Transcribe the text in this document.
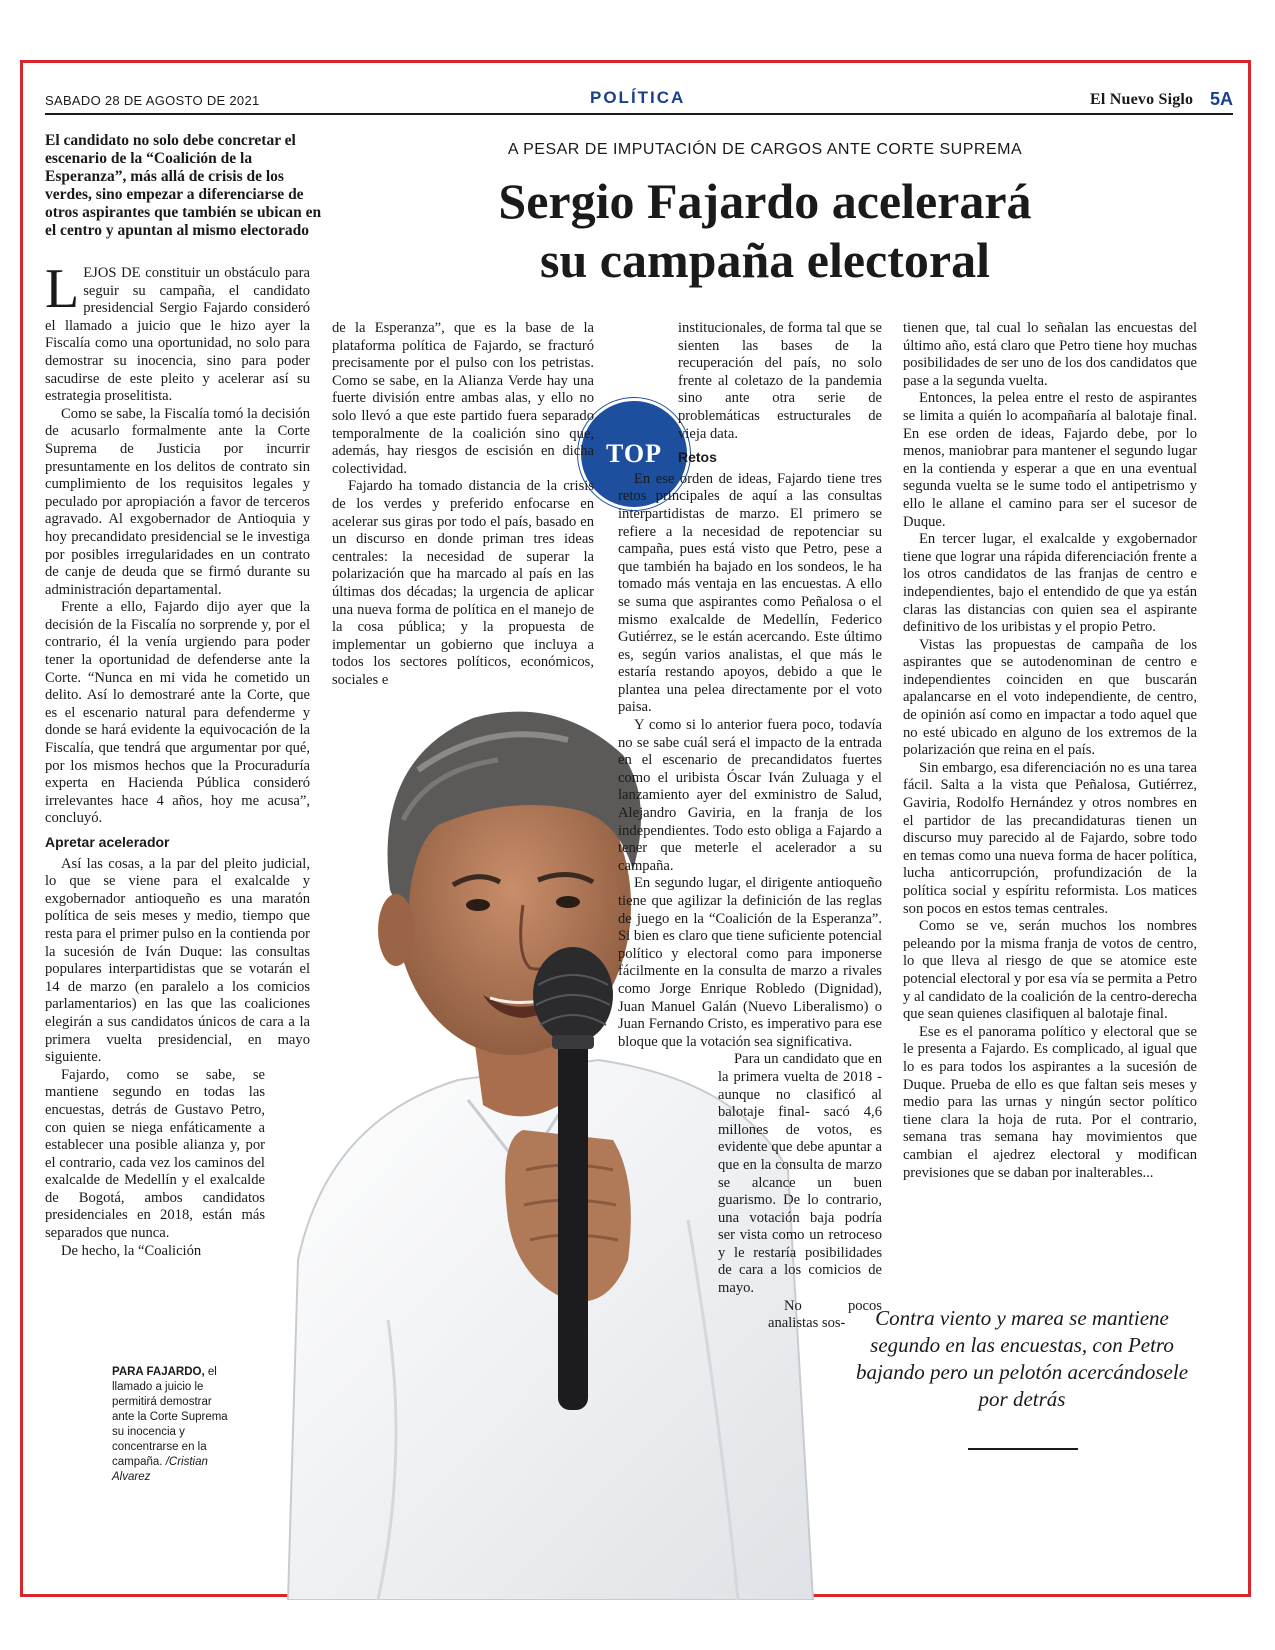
SABADO 28 DE AGOSTO DE 2021	POLÍTICA	El Nuevo Siglo 5A
El candidato no solo debe concretar el escenario de la “Coalición de la Esperanza”, más allá de crisis de los verdes, sino empezar a diferenciarse de otros aspirantes que también se ubican en el centro y apuntan al mismo electorado
A PESAR DE IMPUTACIÓN DE CARGOS ANTE CORTE SUPREMA
Sergio Fajardo acelerará
su campaña electoral
TOP

LEJOS DE constituir un obstáculo para seguir su campaña, el candidato presidencial Sergio Fajardo consideró el llamado a juicio que le hizo ayer la Fiscalía como una oportunidad, no solo para demostrar su inocencia, sino para poder sacudirse de este pleito y acelerar así su estrategia proselitista.

Como se sabe, la Fiscalía tomó la decisión de acusarlo formalmente ante la Corte Suprema de Justicia por incurrir presuntamente en los delitos de contrato sin cumplimiento de los requisitos legales y peculado por apropiación a favor de terceros agravado. Al exgobernador de Antioquia y hoy precandidato presidencial se le investiga por posibles irregularidades en un contrato de canje de deuda que se firmó durante su administración departamental.

Frente a ello, Fajardo dijo ayer que la decisión de la Fiscalía no sorprende y, por el contrario, él la venía urgiendo para poder tener la oportunidad de defenderse ante la Corte. “Nunca en mi vida he cometido un delito. Así lo demostraré ante la Corte, que es el escenario natural para defenderme y donde se hará evidente la equivocación de la Fiscalía, que tendrá que argumentar por qué, por los mismos hechos que la Procuraduría experta en Hacienda Pública consideró irrelevantes hace 4 años, hoy me acusa”, concluyó.

Apretar acelerador

Así las cosas, a la par del pleito judicial, lo que se viene para el exalcalde y exgobernador antioqueño es una maratón política de seis meses y medio, tiempo que resta para el primer pulso en la contienda por la sucesión de Iván Duque: las consultas populares interpartidistas que se votarán el 14 de marzo (en paralelo a los comicios parlamentarios) en las que las coaliciones elegirán a sus candidatos únicos de cara a la primera vuelta presidencial, en mayo siguiente.

Fajardo, como se sabe, se mantiene segundo en todas las encuestas, detrás de Gustavo Petro, con quien se niega enfáticamente a establecer una posible alianza y, por el contrario, cada vez los caminos del exalcalde de Medellín y el exalcalde de Bogotá, ambos candidatos presidenciales en 2018, están más separados que nunca.

De hecho, la “Coalición

de la Esperanza”, que es la base de la plataforma política de Fajardo, se fracturó precisamente por el pulso con los petristas. Como se sabe, en la Alianza Verde hay una fuerte división entre ambas alas, y ello no solo llevó a que este partido fuera separado temporalmente de la coalición sino que, además, hay riesgos de escisión en dicha colectividad.

Fajardo ha tomado distancia de la crisis de los verdes y preferido enfocarse en acelerar sus giras por todo el país, basado en un discurso en donde priman tres ideas centrales: la necesidad de superar la polarización que ha marcado al país en las últimas dos décadas; la urgencia de aplicar una nueva forma de política en el manejo de la cosa pública; y la propuesta de implementar un gobierno que incluya a todos los sectores políticos, económicos, sociales e

institucionales, de forma tal que se sienten las bases de la recuperación del país, no solo frente al coletazo de la pandemia sino ante otra serie de problemáticas estructurales de vieja data.

Retos

En ese orden de ideas, Fajardo tiene tres retos principales de aquí a las consultas interpartidistas de marzo. El primero se refiere a la necesidad de repotenciar su campaña, pues está visto que Petro, pese a que también ha bajado en los sondeos, le ha tomado más ventaja en las encuestas. A ello se suma que aspirantes como Peñalosa o el mismo exalcalde de Medellín, Federico Gutiérrez, se le están acercando. Este último es, según varios analistas, el que más le estaría restando apoyos, debido a que le plantea una pelea directamente por el voto paisa.

Y como si lo anterior fuera poco, todavía no se sabe cuál será el impacto de la entrada en el escenario de precandidatos fuertes como el uribista Óscar Iván Zuluaga y el lanzamiento ayer del exministro de Salud, Alejandro Gaviria, en la franja de los independientes. Todo esto obliga a Fajardo a tener que meterle el acelerador a su campaña.

En segundo lugar, el dirigente antioqueño tiene que agilizar la definición de las reglas de juego en la “Coalición de la Esperanza”. Si bien es claro que tiene suficiente potencial político y electoral como para imponerse fácilmente en la consulta de marzo a rivales como Jorge Enrique Robledo (Dignidad), Juan Manuel Galán (Nuevo Liberalismo) o Juan Fernando Cristo, es imperativo para ese bloque que la votación sea significativa.

Para un candidato que en la primera vuelta de 2018 -aunque no clasificó al balotaje final- sacó 4,6 millones de votos, es evidente que debe apuntar a que en la consulta de marzo se alcance un buen guarismo. De lo contrario, una votación baja podría ser vista como un retroceso y le restaría posibilidades de cara a los comicios de mayo.

No pocos analistas sos-

tienen que, tal cual lo señalan las encuestas del último año, está claro que Petro tiene hoy muchas posibilidades de ser uno de los dos candidatos que pase a la segunda vuelta.

Entonces, la pelea entre el resto de aspirantes se limita a quién lo acompañaría al balotaje final. En ese orden de ideas, Fajardo debe, por lo menos, maniobrar para mantener el segundo lugar en la contienda y esperar a que en una eventual segunda vuelta se le sume todo el antipetrismo y ello le allane el camino para ser el sucesor de Duque.

En tercer lugar, el exalcalde y exgobernador tiene que lograr una rápida diferenciación frente a los otros candidatos de las franjas de centro e independientes, bajo el entendido de que ya están claras las distancias con quien sea el aspirante definitivo de los uribistas y el propio Petro.

Vistas las propuestas de campaña de los aspirantes que se autodenominan de centro e independientes coinciden en que buscarán apalancarse en el voto independiente, de centro, de opinión así como en impactar a todo aquel que no esté ubicado en alguno de los extremos de la polarización que reina en el país.

Sin embargo, esa diferenciación no es una tarea fácil. Salta a la vista que Peñalosa, Gutiérrez, Gaviria, Rodolfo Hernández y otros nombres en el partidor de las precandidaturas tienen un discurso muy parecido al de Fajardo, sobre todo en temas como una nueva forma de hacer política, lucha anticorrupción, profundización de la política social y espíritu reformista. Los matices son pocos en estos temas centrales.

Como se ve, serán muchos los nombres peleando por la misma franja de votos de centro, lo que lleva al riesgo de que se atomice este potencial electoral y por esa vía se permita a Petro y al candidato de la coalición de la centro-derecha que sean quienes clasifiquen al balotaje final.

Ese es el panorama político y electoral que se le presenta a Fajardo. Es complicado, al igual que lo es para todos los aspirantes a la sucesión de Duque. Prueba de ello es que faltan seis meses y medio para las urnas y ningún sector político tiene clara la hoja de ruta. Por el contrario, semana tras semana hay movimientos que cambian el ajedrez electoral y modifican previsiones que se daban por inalterables...

PARA FAJARDO, el llamado a juicio le permitirá demostrar ante la Corte Suprema su inocencia y concentrarse en la campaña. /Cristian Alvarez
Contra viento y marea se mantiene segundo en las encuestas, con Petro bajando pero un pelotón acercándosele por detrás
